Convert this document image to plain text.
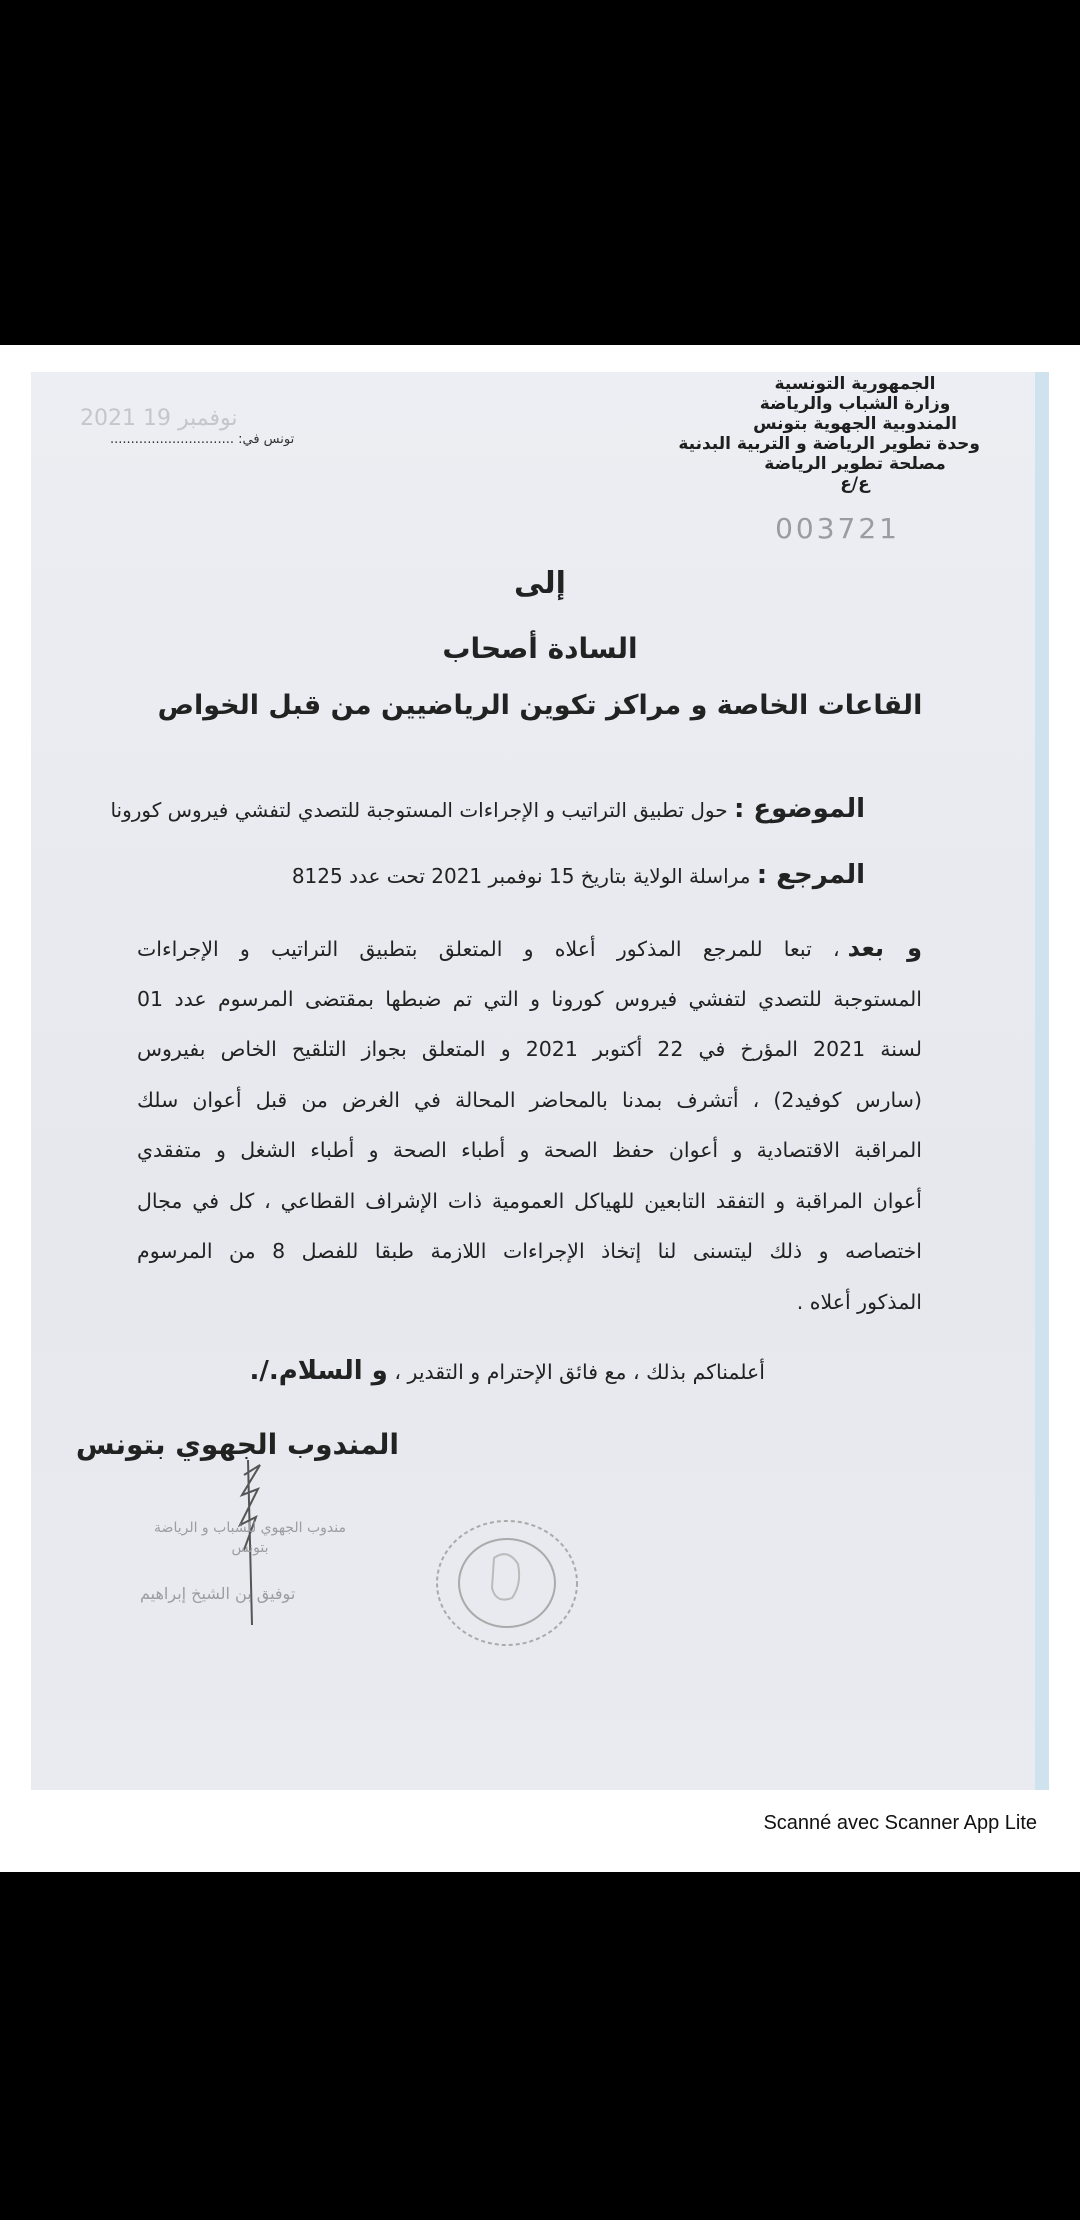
الجمهورية التونسية
وزارة الشباب والرياضة
المندوبية الجهوية بتونس
وحدة تطوير الرياضة و التربية البدنية
مصلحة تطوير الرياضة
ع/ع
003721
2021 نوفمبر 19
تونس في: ..............................
إلى
السادة أصحاب
القاعات الخاصة و مراكز تكوين الرياضيين من قبل الخواص
الموضوع : حول تطبيق التراتيب و الإجراءات المستوجبة للتصدي لتفشي فيروس كورونا
المرجع : مراسلة الولاية بتاريخ 15 نوفمبر 2021 تحت عدد 8125
و بعد، تبعا للمرجع المذكور أعلاه و المتعلق بتطبيق التراتيب و الإجراءات
المستوجبة للتصدي لتفشي فيروس كورونا و التي تم ضبطها بمقتضى المرسوم عدد 01
لسنة 2021 المؤرخ في 22 أكتوبر 2021 و المتعلق بجواز التلقيح الخاص بفيروس
(سارس كوفيد2) ، أتشرف بمدنا بالمحاضر المحالة في الغرض من قبل أعوان سلك
المراقبة الاقتصادية و أعوان حفظ الصحة و أطباء الصحة و أطباء الشغل و متفقدي
أعوان المراقبة و التفقد التابعين للهياكل العمومية ذات الإشراف القطاعي ، كل في مجال
اختصاصه و ذلك ليتسنى لنا إتخاذ الإجراءات اللازمة طبقا للفصل 8 من المرسوم
المذكور أعلاه .
أعلمناكم بذلك ، مع فائق الإحترام و التقدير ، و السلام./.
المندوب الجهوي بتونس
مندوب الجهوي للشباب و الرياضة
بتونس
توفيق بن الشيخ إبراهيم
Scanné avec Scanner App Lite
